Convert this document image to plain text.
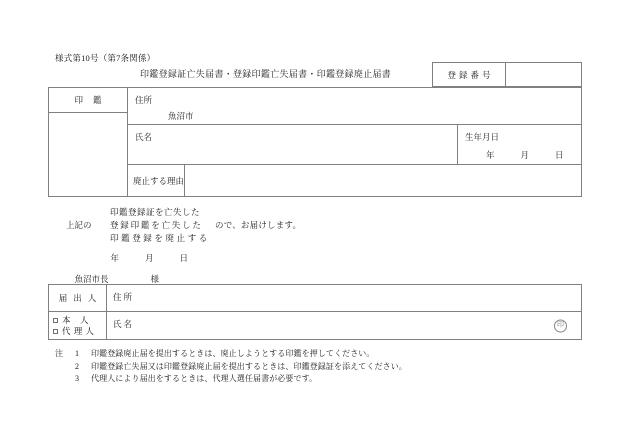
様式第10号（第7条関係）
印鑑登録証亡失届書・登録印鑑亡失届書・印鑑登録廃止届書	登録番号
印鑑	住所
魚沼市
氏名	生年月日
年	月	日
廃止する理由
印鑑登録証を亡失した
上記の	登録印鑑を亡失した	ので、お届けします。
印鑑登録を廃止する

年	月	日

魚沼市長	様

届出人	住所
本人
代理人
氏名	印
注	1	印鑑登録廃止届を提出するときは、廃止しようとする印鑑を押してください。
2	印鑑登録亡失届又は印鑑登録廃止届を提出するときは、印鑑登録証を添えてください。
3	代理人により届出をするときは、代理人選任届書が必要です。
